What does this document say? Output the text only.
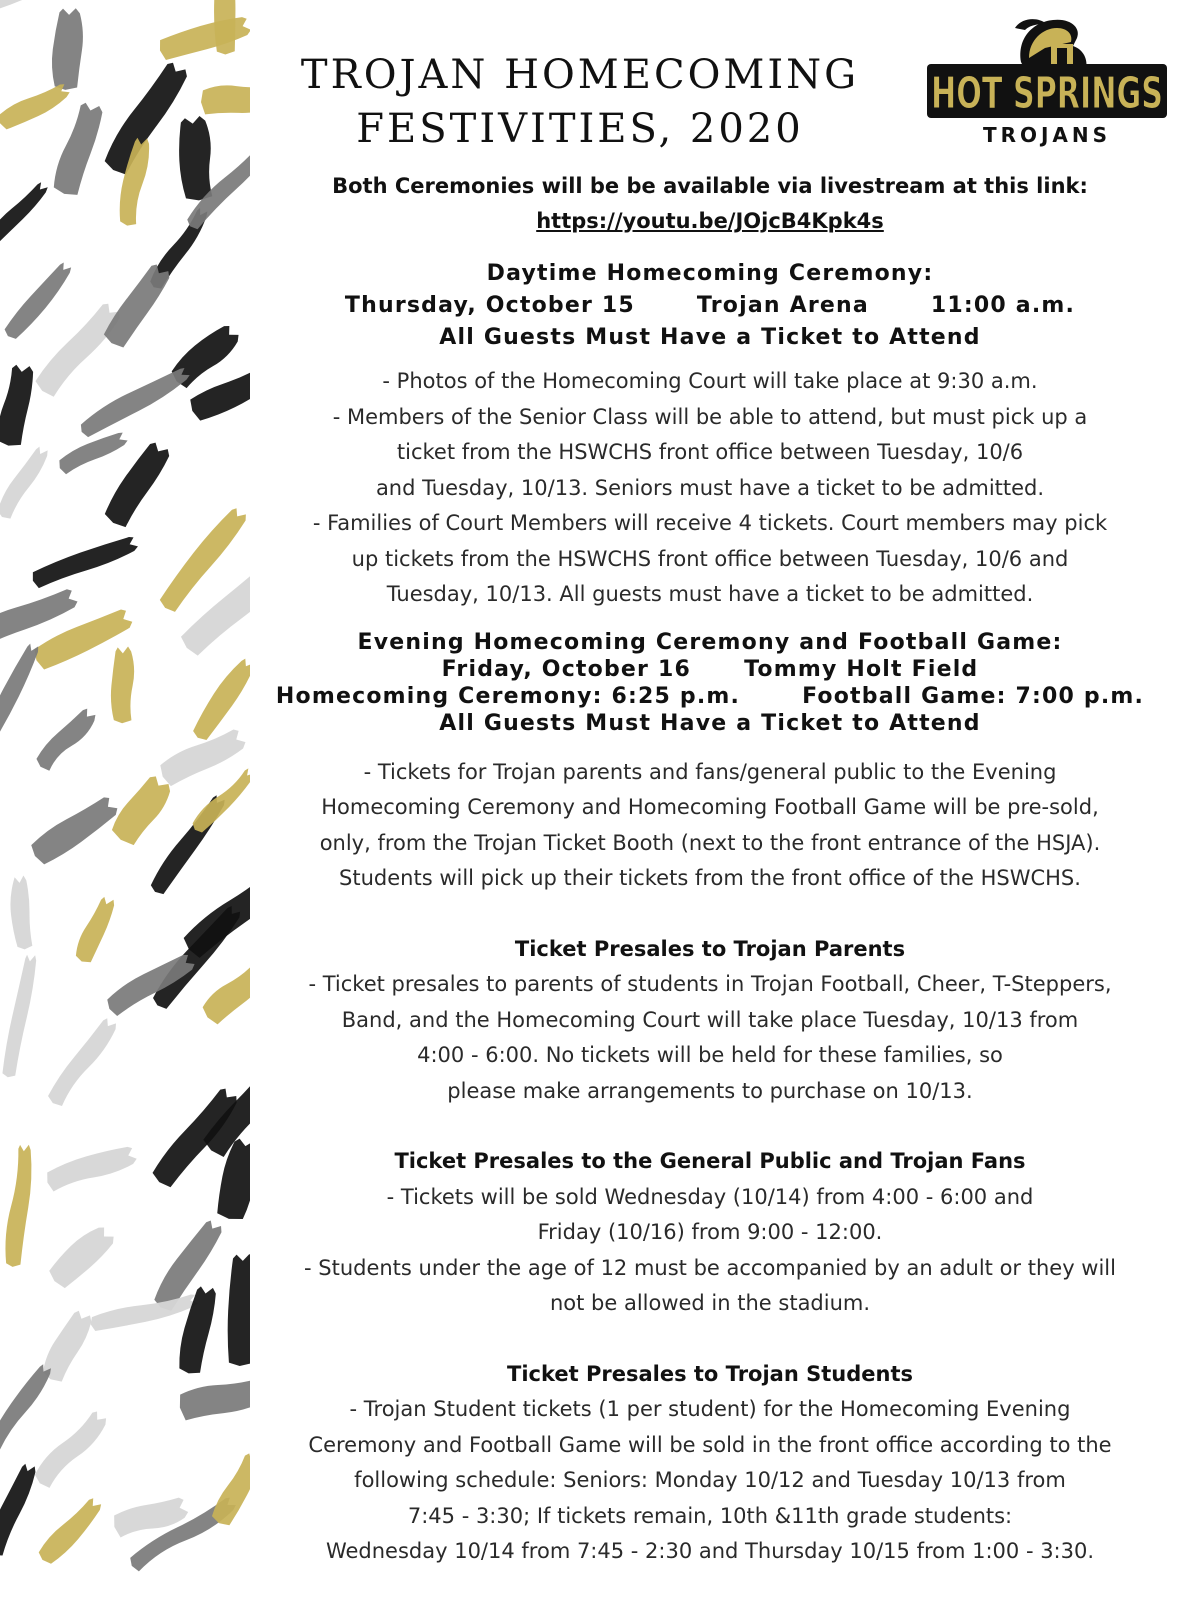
TROJAN HOMECOMING
FESTIVITIES, 2020
HOT SPRINGS
TROJANS
Both Ceremonies will be be available via livestream at this link:
https://youtu.be/JOjcB4Kpk4s
Daytime Homecoming Ceremony:
Thursday, October 15       Trojan Arena       11:00 a.m.
All Guests Must Have a Ticket to Attend
- Photos of the Homecoming Court will take place at 9:30 a.m.
- Members of the Senior Class will be able to attend, but must pick up a
ticket from the HSWCHS front office between Tuesday, 10/6
and Tuesday, 10/13. Seniors must have a ticket to be admitted.
- Families of Court Members will receive 4 tickets. Court members may pick
up tickets from the HSWCHS front office between Tuesday, 10/6 and
Tuesday, 10/13. All guests must have a ticket to be admitted.
Evening Homecoming Ceremony and Football Game:
Friday, October 16      Tommy Holt Field
Homecoming Ceremony: 6:25 p.m.       Football Game: 7:00 p.m.
All Guests Must Have a Ticket to Attend
- Tickets for Trojan parents and fans/general public to the Evening
Homecoming Ceremony and Homecoming Football Game will be pre-sold,
only, from the Trojan Ticket Booth (next to the front entrance of the HSJA).
Students will pick up their tickets from the front office of the HSWCHS.
Ticket Presales to Trojan Parents
- Ticket presales to parents of students in Trojan Football, Cheer, T-Steppers,
Band, and the Homecoming Court will take place Tuesday, 10/13 from
4:00 - 6:00. No tickets will be held for these families, so
please make arrangements to purchase on 10/13.
Ticket Presales to the General Public and Trojan Fans
- Tickets will be sold Wednesday (10/14) from 4:00 - 6:00 and
Friday (10/16) from 9:00 - 12:00.
- Students under the age of 12 must be accompanied by an adult or they will
not be allowed in the stadium.
Ticket Presales to Trojan Students
- Trojan Student tickets (1 per student) for the Homecoming Evening
Ceremony and Football Game will be sold in the front office according to the
following schedule: Seniors: Monday 10/12 and Tuesday 10/13 from
7:45 - 3:30; If tickets remain, 10th &11th grade students:
Wednesday 10/14 from 7:45 - 2:30 and Thursday 10/15 from 1:00 - 3:30.
